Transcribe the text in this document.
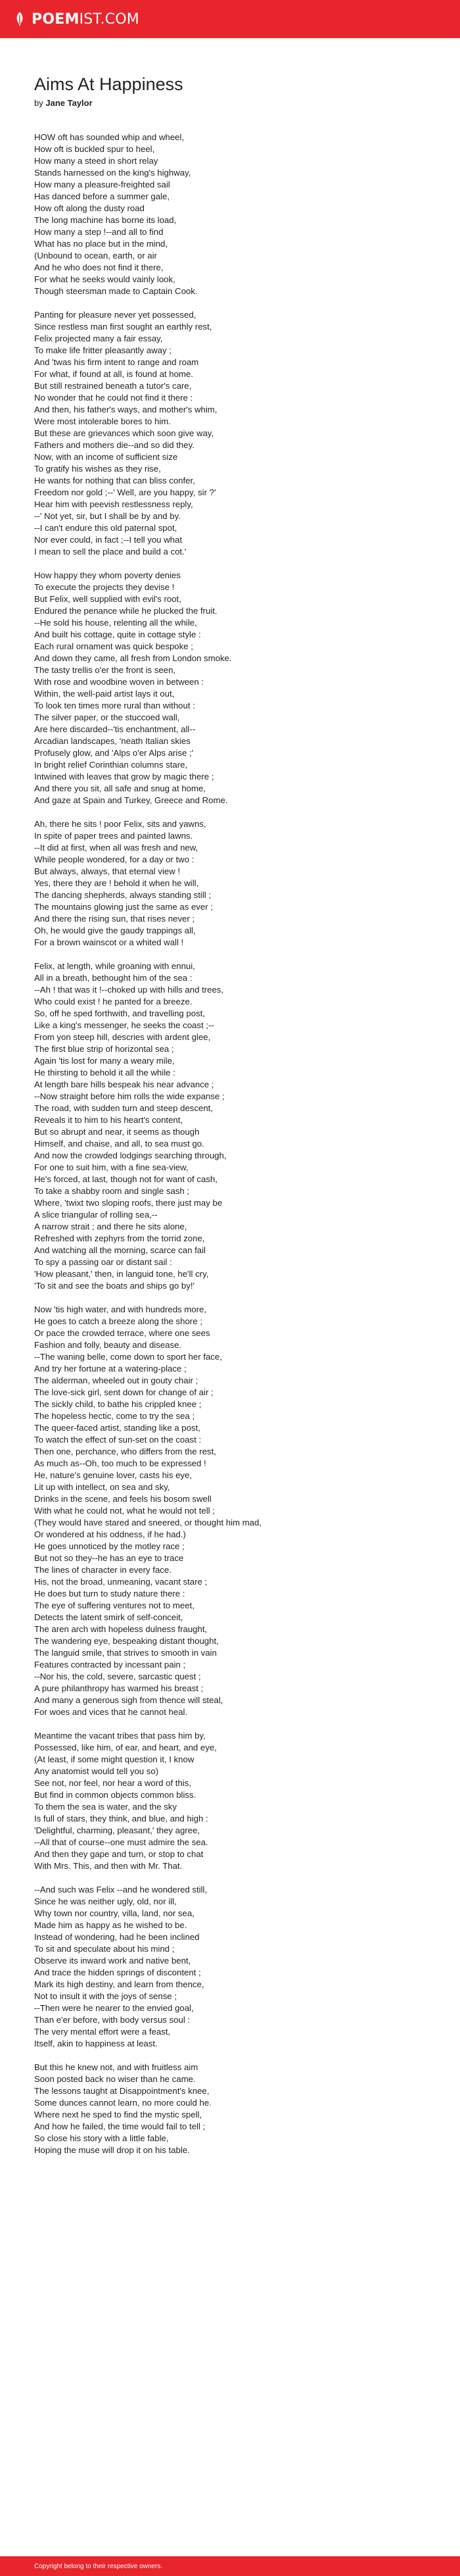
POEM IST.COM
Aims At Happiness
by Jane Taylor
HOW oft has sounded whip and wheel,
How oft is buckled spur to heel,
How many a steed in short relay
Stands harnessed on the king's highway,
How many a pleasure-freighted sail
Has danced before a summer gale,
How oft along the dusty road
The long machine has borne its load,
How many a step !--and all to find
What has no place but in the mind,
(Unbound to ocean, earth, or air
And he who does not find it there,
For what he seeks would vainly look,
Though steersman made to Captain Cook.
Panting for pleasure never yet possessed,
Since restless man first sought an earthly rest,
Felix projected many a fair essay,
To make life fritter pleasantly away ;
And 'twas his firm intent to range and roam
For what, if found at all, is found at home.
But still restrained beneath a tutor's care,
No wonder that he could not find it there :
And then, his father's ways, and mother's whim,
Were most intolerable bores to him.
But these are grievances which soon give way,
Fathers and mothers die--and so did they.
Now, with an income of sufficient size
To gratify his wishes as they rise,
He wants for nothing that can bliss confer,
Freedom nor gold ;--' Well, are you happy, sir ?'
Hear him with peevish restlessness reply,
--' Not yet, sir, but I shall be by and by.
--I can't endure this old paternal spot,
Nor ever could, in fact ;--I tell you what
I mean to sell the place and build a cot.'
How happy they whom poverty denies
To execute the projects they devise !
But Felix, well supplied with evil's root,
Endured the penance while he plucked the fruit.
--He sold his house, relenting all the while,
And built his cottage, quite in cottage style :
Each rural ornament was quick bespoke ;
And down they came, all fresh from London smoke.
The tasty trellis o'er the front is seen,
With rose and woodbine woven in between :
Within, the well-paid artist lays it out,
To look ten times more rural than without :
The silver paper, or the stuccoed wall,
Are here discarded--'tis enchantment, all--
Arcadian landscapes, 'neath Italian skies
Profusely glow, and 'Alps o'er Alps arise ;'
In bright relief Corinthian columns stare,
Intwined with leaves that grow by magic there ;
And there you sit, all safe and snug at home,
And gaze at Spain and Turkey, Greece and Rome.
Ah, there he sits ! poor Felix, sits and yawns,
In spite of paper trees and painted lawns.
--It did at first, when all was fresh and new,
While people wondered, for a day or two :
But always, always, that eternal view !
Yes, there they are ! behold it when he will,
The dancing shepherds, always standing still ;
The mountains glowing just the same as ever ;
And there the rising sun, that rises never ;
Oh, he would give the gaudy trappings all,
For a brown wainscot or a whited wall !
Felix, at length, while groaning with ennui,
All in a breath, bethought him of the sea :
--Ah ! that was it !--choked up with hills and trees,
Who could exist ! he panted for a breeze.
So, off he sped forthwith, and travelling post,
Like a king's messenger, he seeks the coast ;--
From yon steep hill, descries with ardent glee,
The first blue strip of horizontal sea ;
Again 'tis lost for many a weary mile,
He thirsting to behold it all the while :
At length bare hills bespeak his near advance ;
--Now straight before him rolls the wide expanse ;
The road, with sudden turn and steep descent,
Reveals it to him to his heart's content,
But so abrupt and near, it seems as though
Himself, and chaise, and all, to sea must go.
And now the crowded lodgings searching through,
For one to suit him, with a fine sea-view,
He's forced, at last, though not for want of cash,
To take a shabby room and single sash ;
Where, 'twixt two sloping roofs, there just may be
A slice triangular of rolling sea,--
A narrow strait ; and there he sits alone,
Refreshed with zephyrs from the torrid zone,
And watching all the morning, scarce can fail
To spy a passing oar or distant sail :
'How pleasant,' then, in languid tone, he'll cry,
'To sit and see the boats and ships go by!'
Now 'tis high water, and with hundreds more,
He goes to catch a breeze along the shore ;
Or pace the crowded terrace, where one sees
Fashion and folly, beauty and disease.
--The waning belle, come down to sport her face,
And try her fortune at a watering-place ;
The alderman, wheeled out in gouty chair ;
The love-sick girl, sent down for change of air ;
The sickly child, to bathe his crippled knee ;
The hopeless hectic, come to try the sea ;
The queer-faced artist, standing like a post,
To watch the effect of sun-set on the coast :
Then one, perchance, who differs from the rest,
As much as--Oh, too much to be expressed !
He, nature's genuine lover, casts his eye,
Lit up with intellect, on sea and sky,
Drinks in the scene, and feels his bosom swell
With what he could not, what he would not tell ;
(They would have stared and sneered, or thought him mad,
Or wondered at his oddness, if he had.)
He goes unnoticed by the motley race ;
But not so they--he has an eye to trace
The lines of character in every face.
His, not the broad, unmeaning, vacant stare ;
He does but turn to study nature there :
The eye of suffering ventures not to meet,
Detects the latent smirk of self-conceit,
The aren arch with hopeless dulness fraught,
The wandering eye, bespeaking distant thought,
The languid smile, that strives to smooth in vain
Features contracted by incessant pain ;
--Nor his, the cold, severe, sarcastic quest ;
A pure philanthropy has warmed his breast ;
And many a generous sigh from thence will steal,
For woes and vices that he cannot heal.
Meantime the vacant tribes that pass him by,
Possessed, like him, of ear, and heart, and eye,
(At least, if some might question it, I know
Any anatomist would tell you so)
See not, nor feel, nor hear a word of this,
But find in common objects common bliss.
To them the sea is water, and the sky
Is full of stars, they think, and blue, and high :
'Delightful, charming, pleasant,' they agree,
--All that of course--one must admire the sea.
And then they gape and turn, or stop to chat
With Mrs. This, and then with Mr. That.
--And such was Felix --and he wondered still,
Since he was neither ugly, old, nor ill,
Why town nor country, villa, land, nor sea,
Made him as happy as he wished to be.
Instead of wondering, had he been inclined
To sit and speculate about his mind ;
Observe its inward work and native bent,
And trace the hidden springs of discontent ;
Mark its high destiny, and learn from thence,
Not to insult it with the joys of sense ;
--Then were he nearer to the envied goal,
Than e'er before, with body versus soul :
The very mental effort were a feast,
Itself, akin to happiness at least.
But this he knew not, and with fruitless aim
Soon posted back no wiser than he came.
The lessons taught at Disappointment's knee,
Some dunces cannot learn, no more could he.
Where next he sped to find the mystic spell,
And how he failed, the time would fail to tell ;
So close his story with a little fable,
Hoping the muse will drop it on his table.
Copyright belong to their respective owners.
